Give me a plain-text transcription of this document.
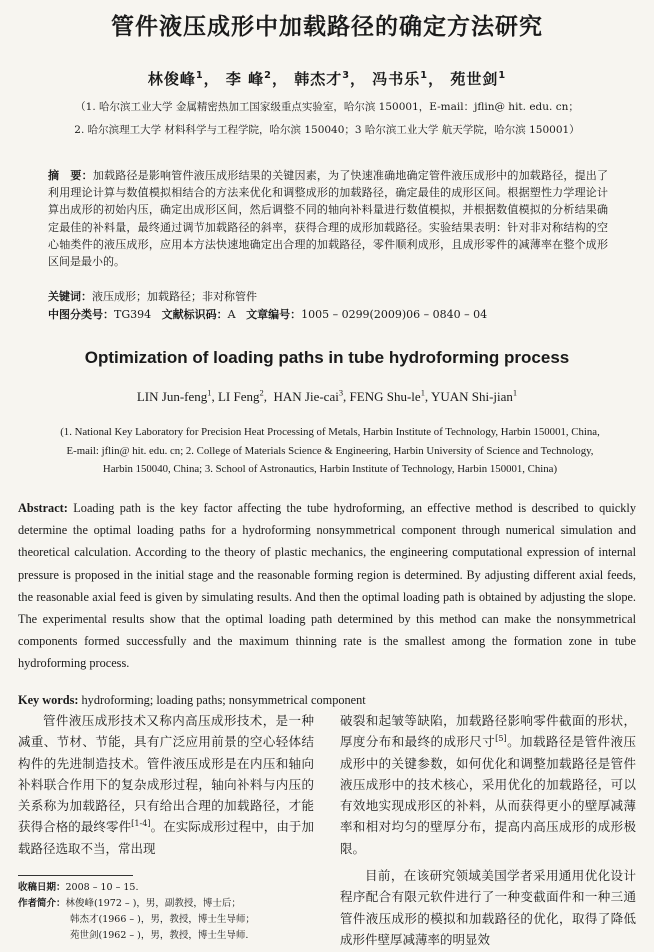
管件液压成形中加载路径的确定方法研究
林俊峰$^1$， 李 峰$^2$， 韩杰才$^3$， 冯书乐$^1$， 苑世剑$^1$
（1. 哈尔滨工业大学 金属精密热加工国家级重点实验室，哈尔滨 150001，E-mail：jflin@ hit. edu. cn；
2. 哈尔滨理工大学 材料科学与工程学院，哈尔滨 150040；3 哈尔滨工业大学 航天学院，哈尔滨 150001）
摘　要：加载路径是影响管件液压成形结果的关键因素，为了快速准确地确定管件液压成形中的加载路径，提出了利用理论计算与数值模拟相结合的方法来优化和调整成形的加载路径，确定最佳的成形区间。根据塑性力学理论计算出成形的初始内压，确定出成形区间，然后调整不同的轴向补料量进行数值模拟，并根据数值模拟的分析结果确定最佳的补料量，最终通过调节加载路径的斜率，获得合理的成形加载路径。实验结果表明：针对非对称结构的空心轴类件的液压成形，应用本方法快速地确定出合理的加载路径，零件顺利成形，且成形零件的减薄率在整个成形区间是最小的。
关键词：液压成形；加载路径；非对称管件
中图分类号：TG394 文献标识码：A 文章编号：1005 – 0299(2009)06 – 0840 – 04
Optimization of loading paths in tube hydroforming process
LIN Jun-feng$^1$, LI Feng$^2$,  HAN Jie-cai$^3$, FENG Shu-$le^1$, YUAN Shi-jian$^1$
(1. National Key Laboratory for Precision Heat Processing of Metals, Harbin Institute of Technology, Harbin 150001, China,
E-mail: jflin@ hit. edu. cn; 2. College of Materials Science & Engineering, Harbin University of Science and Technology,
Harbin 150040, China; 3. School of Astronautics, Harbin Institute of Technology, Harbin 150001, China)
Abstract: Loading path is the key factor affecting the tube hydroforming, an effective method is described to quickly determine the optimal loading paths for a hydroforming nonsymmetrical component through numerical simulation and theoretical calculation. According to the theory of plastic mechanics, the engineering computational expression of internal pressure is proposed in the initial stage and the reasonable forming region is determined. By adjusting different axial feeds, the reasonable axial feed is given by simulating results. And then the optimal loading path is obtained by adjusting the slope. The experimental results show that the optimal loading path determined by this method can make the nonsymmetrical components formed successfully and the maximum thinning rate is the smallest among the formation zone in tube hydroforming process.
Key words: hydroforming; loading paths; nonsymmetrical component

管件液压成形技术又称内高压成形技术，是一种减重、节材、节能，具有广泛应用前景的空心轻体结构件的先进制造技术。管件液压成形是在内压和轴向补料联合作用下的复杂成形过程，轴向补料与内压的关系称为加载路径，只有给出合理的加载路径，才能获得合格的最终零件[1-4]。在实际成形过程中，由于加载路径选取不当，常出现

破裂和起皱等缺陷，加载路径影响零件截面的形状，厚度分布和最终的成形尺寸[5]。加载路径是管件液压成形中的关键参数，如何优化和调整加载路径是管件液压成形中的技术核心，采用优化的加载路径，可以有效地实现成形区的补料，从而获得更小的壁厚减薄率和相对均匀的壁厚分布，提高内高压成形的成形极限。

目前，在该研究领域美国学者采用通用优化设计程序配合有限元软件进行了一种变截面件和一种三通管件液压成形的模拟和加载路径的优化，取得了降低成形件壁厚减薄率的明显效

收稿日期：2008 – 10 – 15.
作者简介：林俊峰(1972 – )，男，副教授，博士后；
韩杰才(1966 – )，男，教授，博士生导师；
苑世剑(1962 – )，男，教授，博士生导师.
